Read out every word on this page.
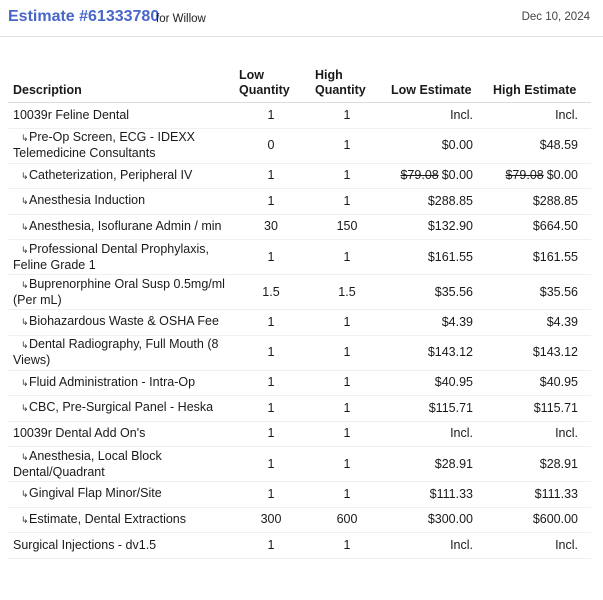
Estimate #61333780
for Willow	Dec 10, 2024
Description	Low Quantity	High Quantity	Low Estimate	High Estimate
10039r Feline Dental	1	1	Incl.	Incl.
↳Pre-Op Screen, ECG - IDEXX Telemedicine Consultants	0	1	$0.00	$48.59
↳Catheterization, Peripheral IV	1	1	$79.08 $0.00	$79.08 $0.00
↳Anesthesia Induction	1	1	$288.85	$288.85
↳Anesthesia, Isoflurane Admin / min	30	150	$132.90	$664.50
↳Professional Dental Prophylaxis, Feline Grade 1	1	1	$161.55	$161.55
↳Buprenorphine Oral Susp 0.5mg/ml (Per mL)	1.5	1.5	$35.56	$35.56
↳Biohazardous Waste & OSHA Fee	1	1	$4.39	$4.39
↳Dental Radiography, Full Mouth (8 Views)	1	1	$143.12	$143.12
↳Fluid Administration - Intra-Op	1	1	$40.95	$40.95
↳CBC, Pre-Surgical Panel - Heska	1	1	$115.71	$115.71
10039r Dental Add On's	1	1	Incl.	Incl.
↳Anesthesia, Local Block Dental/Quadrant	1	1	$28.91	$28.91
↳Gingival Flap Minor/Site	1	1	$111.33	$111.33
↳Estimate, Dental Extractions	300	600	$300.00	$600.00
Surgical Injections - dv1.5	1	1	Incl.	Incl.
